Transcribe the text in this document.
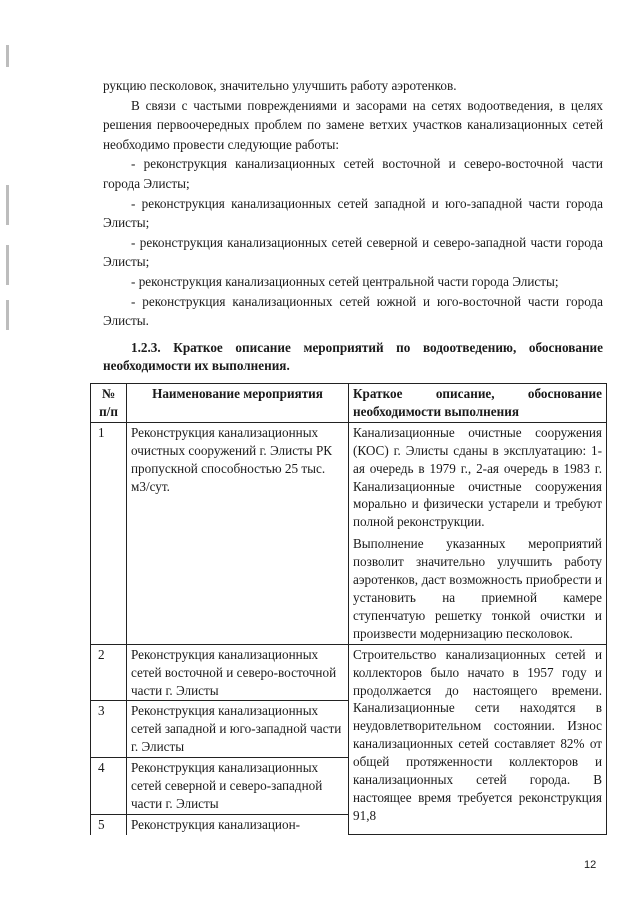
рукцию песколовок, значительно улучшить работу аэротенков.

В связи с частыми повреждениями и засорами на сетях водоотведения, в целях решения первоочередных проблем по замене ветхих участков канализационных сетей необходимо провести следующие работы:

- реконструкция канализационных сетей восточной и северо-восточной части города Элисты;

- реконструкция канализационных сетей западной и юго-западной части города Элисты;

- реконструкция канализационных сетей северной и северо-западной части города Элисты;

- реконструкция канализационных сетей центральной части города Элисты;

- реконструкция канализационных сетей южной и юго-восточной части города Элисты.

1.2.3. Краткое описание мероприятий по водоотведению, обоснование необходимости их выполнения.

№ п/п	Наименование мероприятия	Краткое описание, обоснование необходимости выполнения
1	Реконструкция канализационных очистных сооружений г. Элисты РК пропускной способностью 25 тыс. м3/сут.	Канализационные очистные сооружения (КОС) г. Элисты сданы в эксплуатацию: 1-ая очередь в 1979 г., 2-ая очередь в 1983 г. Канализационные очистные сооружения морально и физически устарели и требуют полной реконструкции.

Выполнение указанных мероприятий позволит значительно улучшить работу аэротенков, даст возможность приобрести и установить на приемной камере ступенчатую решетку тонкой очистки и произвести модернизацию песколовок.

2	Реконструкция канализационных сетей восточной и северо-восточной части г. Элисты	Строительство канализационных сетей и коллекторов было начато в 1957 году и продолжается до настоящего времени. Канализационные сети находятся в неудовлетворительном состоянии. Износ канализационных сетей составляет 82% от общей протяженности коллекторов и канализационных сетей города. В настоящее время требуется реконструкция 91,8
3	Реконструкция канализационных сетей западной и юго-западной части г. Элисты	
4	Реконструкция канализационных сетей северной и северо-западной части г. Элисты	
5	Реконструкция канализацион-	
12
